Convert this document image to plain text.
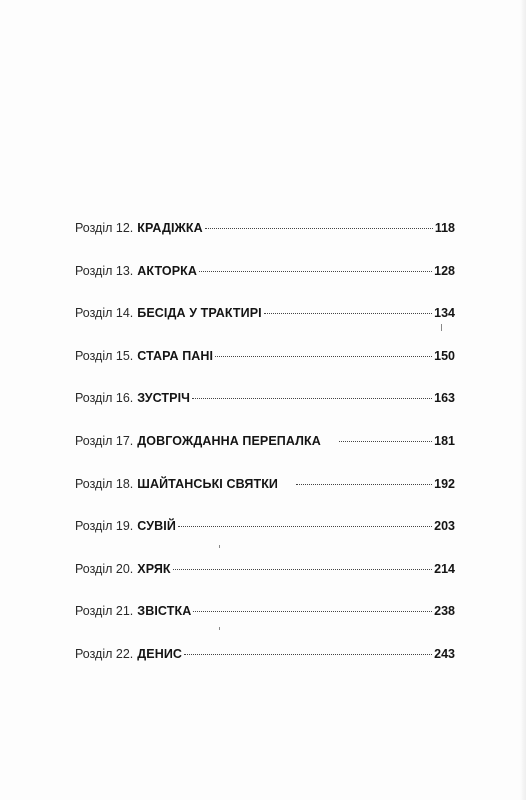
Розділ 12. КРАДІЖКА	118
Розділ 13. АКТОРКА	128
Розділ 14. БЕСІДА У ТРАКТИРІ	134
Розділ 15. СТАРА ПАНІ	150
Розділ 16. ЗУСТРІЧ	163
Розділ 17. ДОВГОЖДАННА ПЕРЕПАЛКА	181
Розділ 18. ШАЙТАНСЬКІ СВЯТКИ	192
Розділ 19. СУВІЙ	203
Розділ 20. ХРЯК	214
Розділ 21. ЗВІСТКА	238
Розділ 22. ДЕНИС	243
